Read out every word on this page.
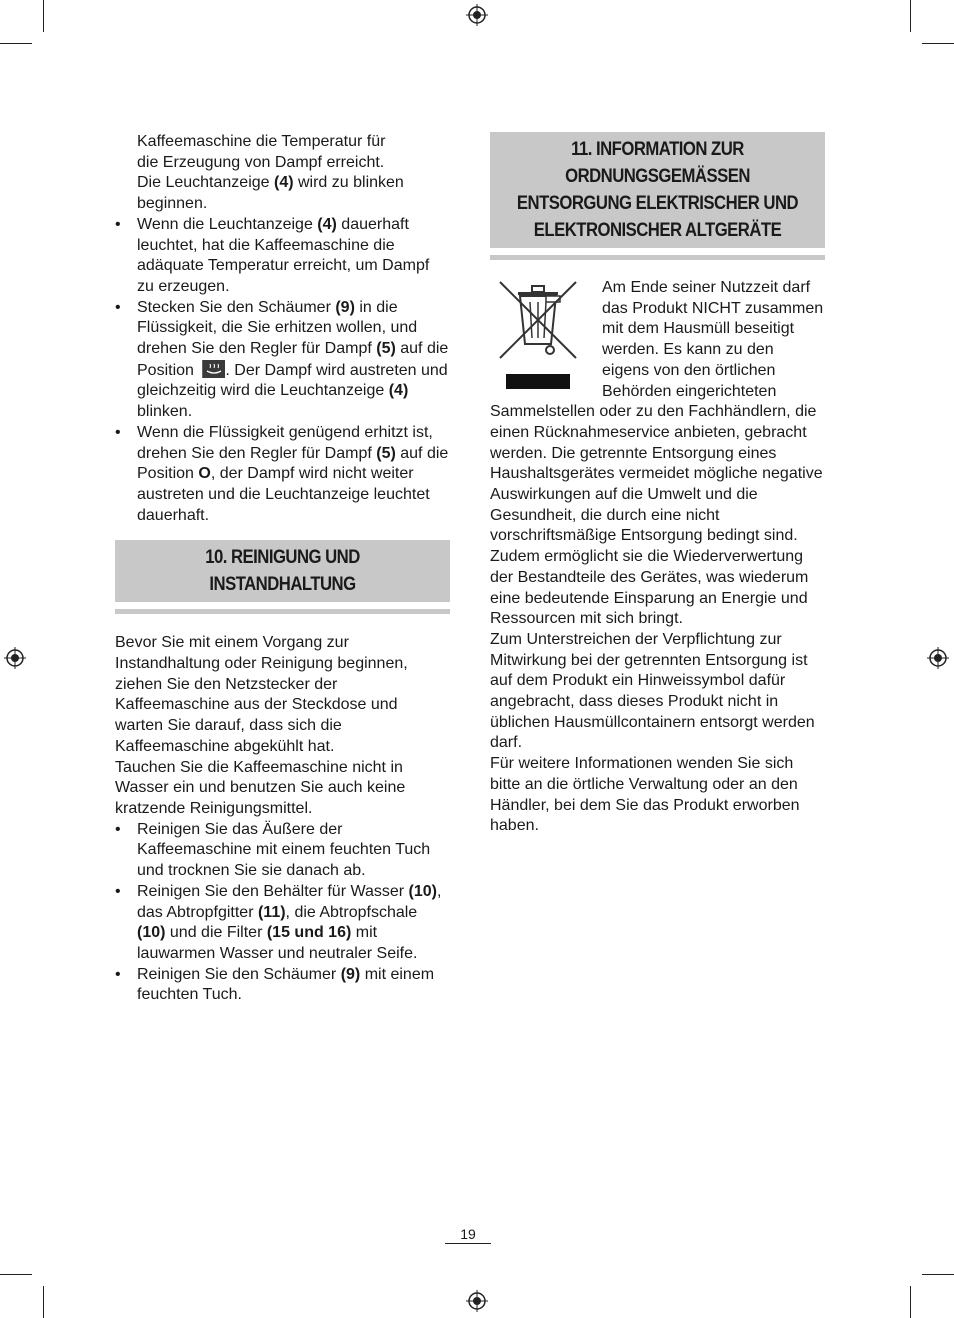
Kaffeemaschine die Temperatur für
die Erzeugung von Dampf erreicht.
Die Leuchtanzeige (4) wird zu blinken
beginnen.

• Wenn die Leuchtanzeige (4) dauerhaft leuchtet, hat die Kaffeemaschine die adäquate Temperatur erreicht, um Dampf zu erzeugen.
• Stecken Sie den Schäumer (9) in die Flüssigkeit, die Sie erhitzen wollen, und drehen Sie den Regler für Dampf (5) auf die Position . Der Dampf wird austreten und gleichzeitig wird die Leuchtanzeige (4) blinken.
• Wenn die Flüssigkeit genügend erhitzt ist, drehen Sie den Regler für Dampf (5) auf die Position O, der Dampf wird nicht weiter austreten und die Leuchtanzeige leuchtet dauerhaft.
10. REINIGUNG UND
INSTANDHALTUNG

Bevor Sie mit einem Vorgang zur Instandhaltung oder Reinigung beginnen, ziehen Sie den Netzstecker der Kaffeemaschine aus der Steckdose und warten Sie darauf, dass sich die Kaffeemaschine abgekühlt hat.

Tauchen Sie die Kaffeemaschine nicht in Wasser ein und benutzen Sie auch keine kratzende Reinigungsmittel.

• Reinigen Sie das Äußere der Kaffeemaschine mit einem feuchten Tuch und trocknen Sie sie danach ab.
• Reinigen Sie den Behälter für Wasser (10), das Abtropfgitter (11), die Abtropfschale (10) und die Filter (15 und 16) mit lauwarmen Wasser und neutraler Seife.
• Reinigen Sie den Schäumer (9) mit einem feuchten Tuch.
11. INFORMATION ZUR
ORDNUNGSGEMÄSSEN
ENTSORGUNG ELEKTRISCHER UND
ELEKTRONISCHER ALTGERÄTE

Am Ende seiner Nutzzeit darf das Produkt NICHT zusammen mit dem Hausmüll beseitigt werden. Es kann zu den eigens von den örtlichen Behörden eingerichteten Sammelstellen oder zu den Fachhändlern, die einen Rücknahmeservice anbieten, gebracht werden. Die getrennte Entsorgung eines Haushaltsgerätes vermeidet mögliche negative Auswirkungen auf die Umwelt und die Gesundheit, die durch eine nicht vorschriftsmäßige Entsorgung bedingt sind. Zudem ermöglicht sie die Wiederverwertung der Bestandteile des Gerätes, was wiederum eine bedeutende Einsparung an Energie und Ressourcen mit sich bringt.

Zum Unterstreichen der Verpflichtung zur Mitwirkung bei der getrennten Entsorgung ist auf dem Produkt ein Hinweissymbol dafür angebracht, dass dieses Produkt nicht in üblichen Hausmüllcontainern entsorgt werden darf.

Für weitere Informationen wenden Sie sich bitte an die örtliche Verwaltung oder an den Händler, bei dem Sie das Produkt erworben haben.

19
